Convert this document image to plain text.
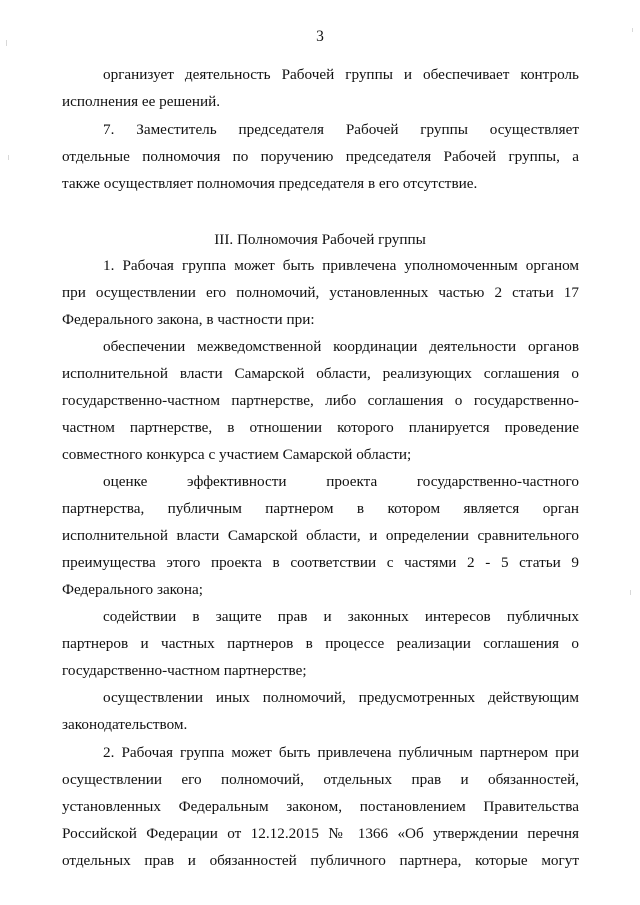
3
организует деятельность Рабочей группы и обеспечивает контроль
исполнения ее решений.
7. Заместитель председателя Рабочей группы осуществляет
отдельные полномочия по поручению председателя Рабочей группы, а
также осуществляет полномочия председателя в его отсутствие.
III. Полномочия Рабочей группы
1. Рабочая группа может быть привлечена уполномоченным органом
при осуществлении его полномочий, установленных частью 2 статьи 17
Федерального закона, в частности при:
обеспечении межведомственной координации деятельности органов
исполнительной власти Самарской области, реализующих соглашения о
государственно-частном партнерстве, либо соглашения о государственно-
частном партнерстве, в отношении которого планируется проведение
совместного конкурса с участием Самарской области;
оценке эффективности проекта государственно-частного
партнерства, публичным партнером в котором является орган
исполнительной власти Самарской области, и определении сравнительного
преимущества этого проекта в соответствии с частями 2 - 5 статьи 9
Федерального закона;
содействии в защите прав и законных интересов публичных
партнеров и частных партнеров в процессе реализации соглашения о
государственно-частном партнерстве;
осуществлении иных полномочий, предусмотренных действующим
законодательством.
2. Рабочая группа может быть привлечена публичным партнером при
осуществлении его полномочий, отдельных прав и обязанностей,
установленных Федеральным законом, постановлением Правительства
Российской Федерации от 12.12.2015 № 1366 «Об утверждении перечня
отдельных прав и обязанностей публичного партнера, которые могут
